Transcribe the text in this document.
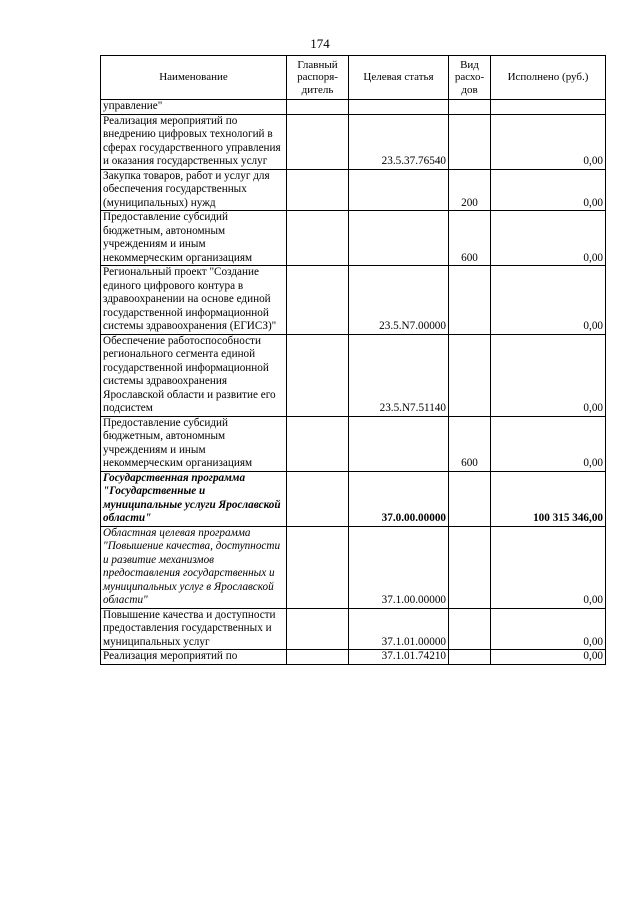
174
Наименование	Главный распоря-дитель	Целевая статья	Вид расхо-дов	Исполнено (руб.)
управление"				
Реализация мероприятий по внедрению цифровых технологий в сферах государственного управления и оказания государственных услуг		23.5.37.76540		0,00
Закупка товаров, работ и услуг для обеспечения государственных (муниципальных) нужд			200	0,00
Предоставление субсидий бюджетным, автономным учреждениям и иным некоммерческим организациям			600	0,00
Региональный проект "Создание единого цифрового контура в здравоохранении на основе единой государственной информационной системы здравоохранения (ЕГИСЗ)"		23.5.N7.00000		0,00
Обеспечение работоспособности регионального сегмента единой государственной информационной системы здравоохранения Ярославской области и развитие его подсистем		23.5.N7.51140		0,00
Предоставление субсидий бюджетным, автономным учреждениям и иным некоммерческим организациям			600	0,00
Государственная программа "Государственные и муниципальные услуги Ярославской области"		37.0.00.00000		100 315 346,00
Областная целевая программа "Повышение качества, доступности и развитие механизмов предоставления государственных и муниципальных услуг в Ярославской области"		37.1.00.00000		0,00
Повышение качества и доступности предоставления государственных и муниципальных услуг		37.1.01.00000		0,00
Реализация мероприятий по		37.1.01.74210		0,00
